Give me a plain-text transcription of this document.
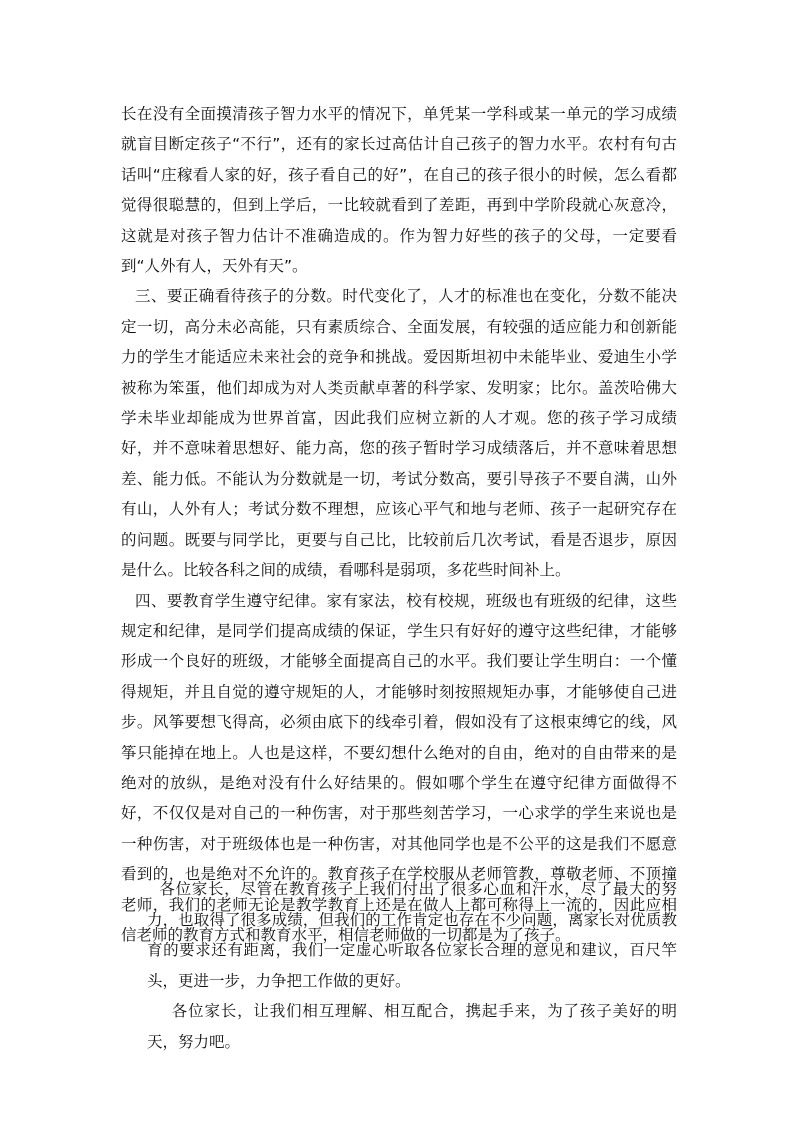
长在没有全面摸清孩子智力水平的情况下，单凭某一学科或某一单元的学习成绩就盲目断定孩子“不行”，还有的家长过高估计自己孩子的智力水平。农村有句古话叫“庄稼看人家的好，孩子看自己的好”，在自己的孩子很小的时候，怎么看都觉得很聪慧的，但到上学后，一比较就看到了差距，再到中学阶段就心灰意冷，这就是对孩子智力估计不准确造成的。作为智力好些的孩子的父母，一定要看到“人外有人，天外有天”。

三、要正确看待孩子的分数。时代变化了，人才的标准也在变化，分数不能决定一切，高分未必高能，只有素质综合、全面发展，有较强的适应能力和创新能力的学生才能适应未来社会的竞争和挑战。爱因斯坦初中未能毕业、爱迪生小学被称为笨蛋，他们却成为对人类贡献卓著的科学家、发明家；比尔。盖茨哈佛大学未毕业却能成为世界首富，因此我们应树立新的人才观。您的孩子学习成绩好，并不意味着思想好、能力高，您的孩子暂时学习成绩落后，并不意味着思想差、能力低。不能认为分数就是一切，考试分数高，要引导孩子不要自满，山外有山，人外有人；考试分数不理想，应该心平气和地与老师、孩子一起研究存在的问题。既要与同学比，更要与自己比，比较前后几次考试，看是否退步，原因是什么。比较各科之间的成绩，看哪科是弱项，多花些时间补上。

四、要教育学生遵守纪律。家有家法，校有校规，班级也有班级的纪律，这些规定和纪律，是同学们提高成绩的保证，学生只有好好的遵守这些纪律，才能够形成一个良好的班级，才能够全面提高自己的水平。我们要让学生明白：一个懂得规矩，并且自觉的遵守规矩的人，才能够时刻按照规矩办事，才能够使自己进步。风筝要想飞得高，必须由底下的线牵引着，假如没有了这根束缚它的线，风筝只能掉在地上。人也是这样，不要幻想什么绝对的自由，绝对的自由带来的是绝对的放纵，是绝对没有什么好结果的。假如哪个学生在遵守纪律方面做得不好，不仅仅是对自己的一种伤害，对于那些刻苦学习，一心求学的学生来说也是一种伤害，对于班级体也是一种伤害，对其他同学也是不公平的这是我们不愿意看到的，也是绝对不允许的。教育孩子在学校服从老师管教，尊敬老师、不顶撞老师，我们的老师无论是教学教育上还是在做人上都可称得上一流的，因此应相信老师的教育方式和教育水平，相信老师做的一切都是为了孩子。

各位家长，尽管在教育孩子上我们付出了很多心血和汗水，尽了最大的努力，也取得了很多成绩，但我们的工作肯定也存在不少问题，离家长对优质教育的要求还有距离，我们一定虚心听取各位家长合理的意见和建议，百尺竿头，更进一步，力争把工作做的更好。

各位家长，让我们相互理解、相互配合，携起手来，为了孩子美好的明天，努力吧。
